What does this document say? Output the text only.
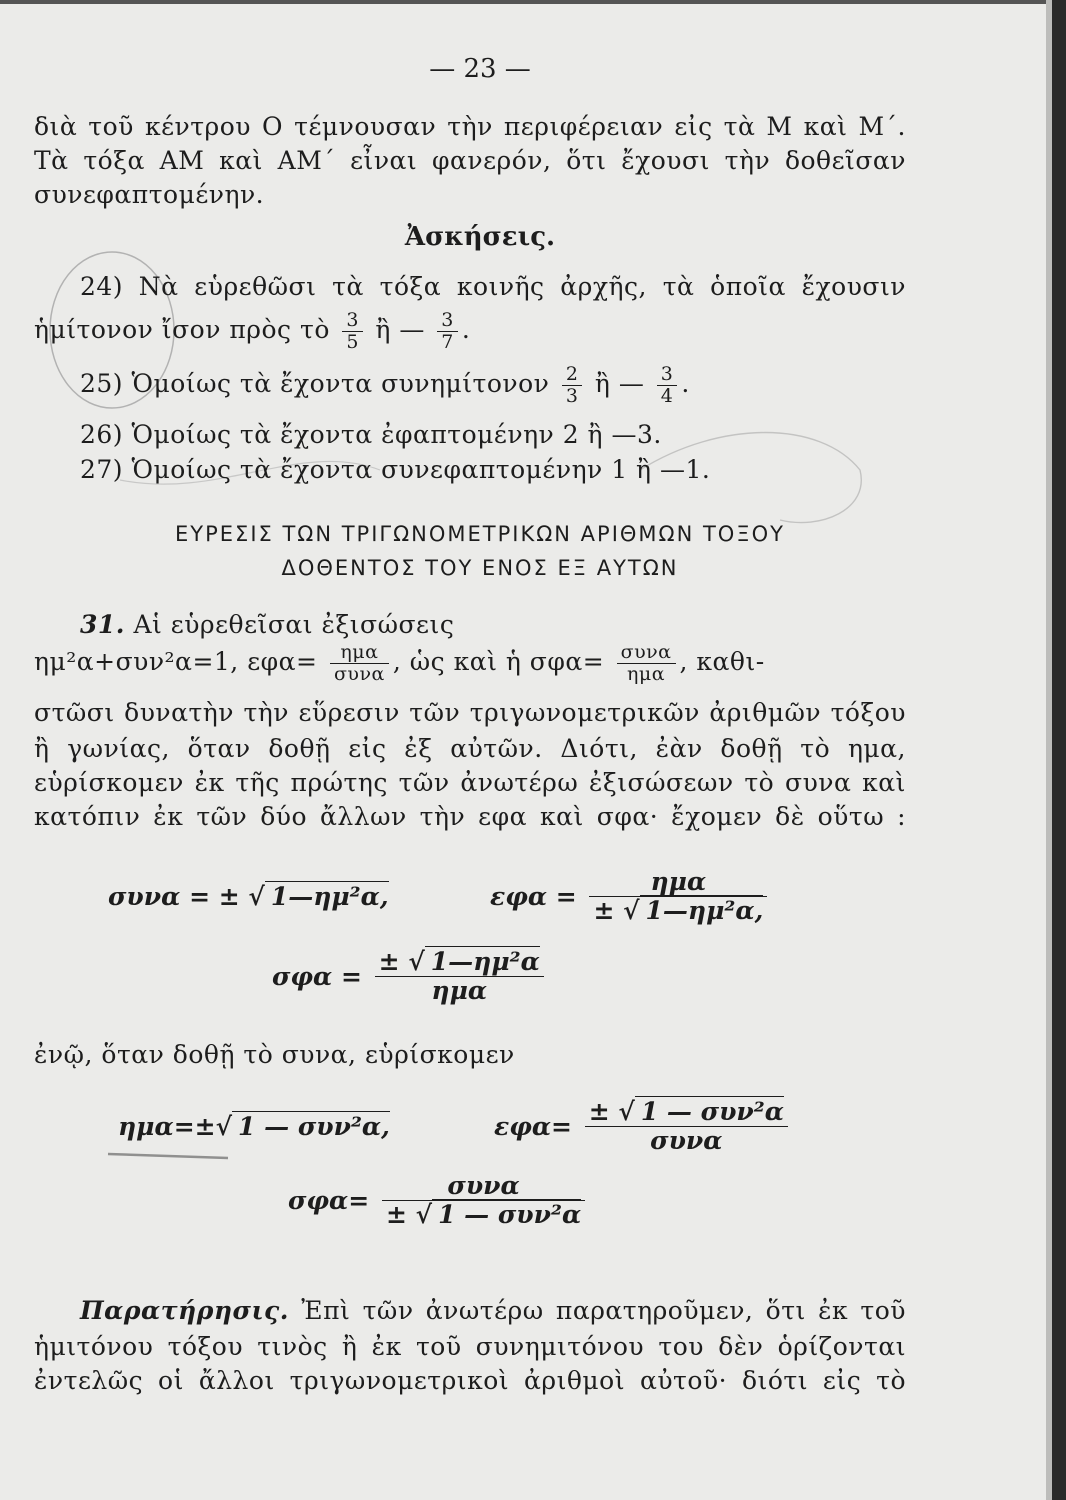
— 23 —
διὰ τοῦ κέντρου Ο τέμνουσαν τὴν περιφέρειαν εἰς τὰ Μ καὶ Μ΄.
Τὰ τόξα ΑΜ καὶ ΑΜ΄ εἶναι φανερόν, ὅτι ἔχουσι τὴν δοθεῖσαν
συνεφαπτομένην.
Ἀσκήσεις.
24) Νὰ εὑρεθῶσι τὰ τόξα κοινῆς ἀρχῆς, τὰ ὁποῖα ἔχουσιν
ἡμίτονον ἴσον πρὸς τὸ $\frac{3}{5}$ ἢ — $\frac{3}{7}$ .
25) Ὁμοίως τὰ ἔχοντα συνημίτονον $\frac{2}{3}$ ἢ — $\frac{3}{4}$ .
26) Ὁμοίως τὰ ἔχοντα ἐφαπτομένην 2 ἢ —3.
27) Ὁμοίως τὰ ἔχοντα συνεφαπτομένην 1 ἢ —1.
ΕΥΡΕΣΙΣ ΤΩΝ ΤΡΙΓΩΝΟΜΕΤΡΙΚΩΝ ΑΡΙΘΜΩΝ ΤΟΞΟΥ
ΔΟΘΕΝΤΟΣ ΤΟΥ ΕΝΟΣ ΕΞ ΑΥΤΩΝ
31. Αἱ εὑρεθεῖσαι ἐξισώσεις
ημ²α+συν²α=1, $\varepsilon\varphi\alpha= \frac{\text{ημα}}{\text{συνα}}$ , ὡς καὶ ἡ $\sigma\varphi\alpha= \frac{\text{συνα}}{\text{ημα}}$ , καθι-
στῶσι δυνατὴν τὴν εὕρεσιν τῶν τριγωνομετρικῶν ἀριθμῶν τόξου
ἢ γωνίας, ὅταν δοθῇ εἰς ἐξ αὐτῶν. Διότι, ἐὰν δοθῇ τὸ ημα,
εὑρίσκομεν ἐκ τῆς πρώτης τῶν ἀνωτέρω ἐξισώσεων τὸ συνα καὶ
κατόπιν ἐκ τῶν δύο ἄλλων τὴν εφα καὶ σφα· ἔχομεν δὲ οὕτω :
συνα = ± √ 1—ημ²α,	$\varepsilon\varphi\alpha = \frac{\text{ημα}}{\text{± √ 1—ημ²α,}}$
$\sigma\varphi\alpha = \frac{\text{± √ 1—ημ²α}}{\text{ημα}}$
ἐνῷ, ὅταν δοθῇ τὸ συνα, εὑρίσκομεν
ημα=±√ 1 — συν²α,	$\varepsilon\varphi\alpha= \frac{\text{± √ 1 — συν²α}}{\text{συνα}}$
$\sigma\varphi\alpha= \frac{\text{συνα}}{\text{± √ 1 — συν²α}}$
Παρατήρησις. Ἐπὶ τῶν ἀνωτέρω παρατηροῦμεν, ὅτι ἐκ τοῦ
ἡμιτόνου τόξου τινὸς ἢ ἐκ τοῦ συνημιτόνου του δὲν ὁρίζονται
ἐντελῶς οἱ ἄλλοι τριγωνομετρικοὶ ἀριθμοὶ αὐτοῦ· διότι εἰς τὸ
